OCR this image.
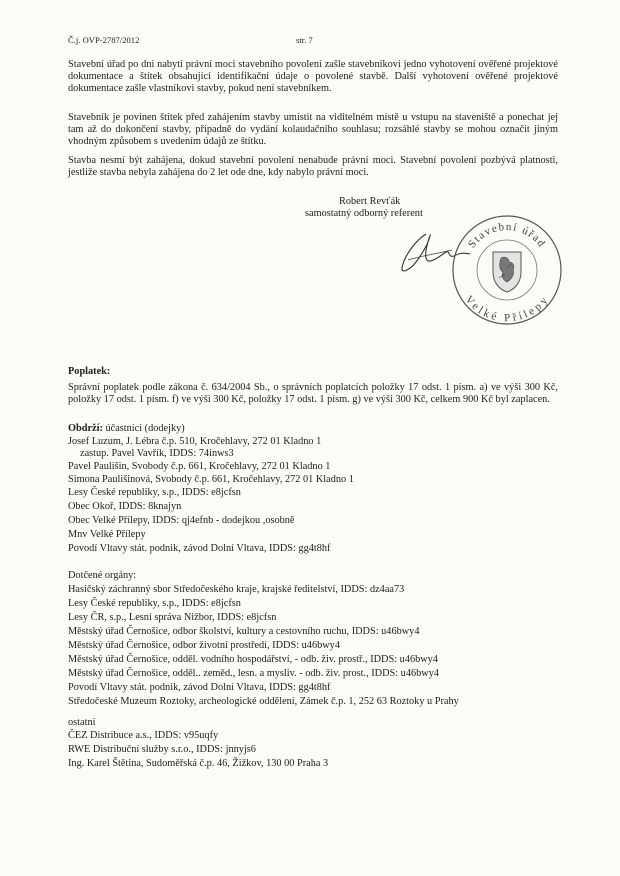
Č.j. OVP-2787/2012	str. 7
Stavební úřad po dni nabytí právní moci stavebního povolení zašle stavebníkovi jedno vyhotovení ověřené projektové dokumentace a štítek obsahující identifikační údaje o povolené stavbě. Další vyhotovení ověřené projektové dokumentace zašle vlastníkovi stavby, pokud není stavebníkem.
Stavebník je povinen štítek před zahájením stavby umístit na viditelném místě u vstupu na staveniště a ponechat jej tam až do dokončení stavby, případně do vydání kolaudačního souhlasu; rozsáhlé stavby se mohou označit jiným vhodným způsobem s uvedením údajů ze štítku.
Stavba nesmí být zahájena, dokud stavební povolení nenabude právní moci. Stavební povolení pozbývá platnosti, jestliže stavba nebyla zahájena do 2 let ode dne, kdy nabylo právní moci.
Robert Revťák
samostatný odborný referent
Stavební úřad
Velké Přílepy
Poplatek:
Správní poplatek podle zákona č. 634/2004 Sb., o správních poplatcích položky 17 odst. 1 písm. a) ve výši 300 Kč, položky 17 odst. 1 písm. f) ve výši 300 Kč, položky 17 odst. 1 písm. g) ve výši 300 Kč, celkem 900 Kč byl zaplacen.
Obdrží: účastníci (dodejky)
Josef Luzum, J. Lébra č.p. 510, Kročehlavy, 272 01 Kladno 1
zastup. Pavel Vavřík, IDDS: 74inws3
Pavel Paulišin, Svobody č.p. 661, Kročehlavy, 272 01 Kladno 1
Simona Paulišinová, Svobody č.p. 661, Kročehlavy, 272 01 Kladno 1
Lesy České republiky, s.p., IDDS: e8jcfsn
Obec Okoř, IDDS: 8knajyn
Obec Velké Přílepy, IDDS: qj4efnb - dodejkou ,osobně
Mnv Velké Přílepy
Povodí Vltavy stát. podnik, závod Dolní Vltava, IDDS: gg4t8hf
Dotčené orgány:
Hasičský záchranný sbor Středočeského kraje, krajské ředitelství, IDDS: dz4aa73
Lesy České republiky, s.p., IDDS: e8jcfsn
Lesy ČR, s.p., Lesní správa Nižbor, IDDS: e8jcfsn
Městský úřad Černošice, odbor školství, kultury a cestovního ruchu, IDDS: u46bwy4
Městský úřad Černošice, odbor životní prostředí, IDDS: u46bwy4
Městský úřad Černošice, odděl. vodního hospodářství, - odb. živ. prostř., IDDS: u46bwy4
Městský úřad Černošice, odděl.. zeměd., lesn. a mysliv. - odb. živ. prost., IDDS: u46bwy4
Povodí Vltavy stát. podnik, závod Dolní Vltava, IDDS: gg4t8hf
Středočeské Muzeum Roztoky, archeologické oddělení, Zámek č.p. 1, 252 63 Roztoky u Prahy
ostatní
ČEZ Distribuce a.s., IDDS: v95uqfy
RWE Distribuční služby s.r.o., IDDS: jnnyjs6
Ing. Karel Štětina, Sudoměřská č.p. 46, Žižkov, 130 00 Praha 3
